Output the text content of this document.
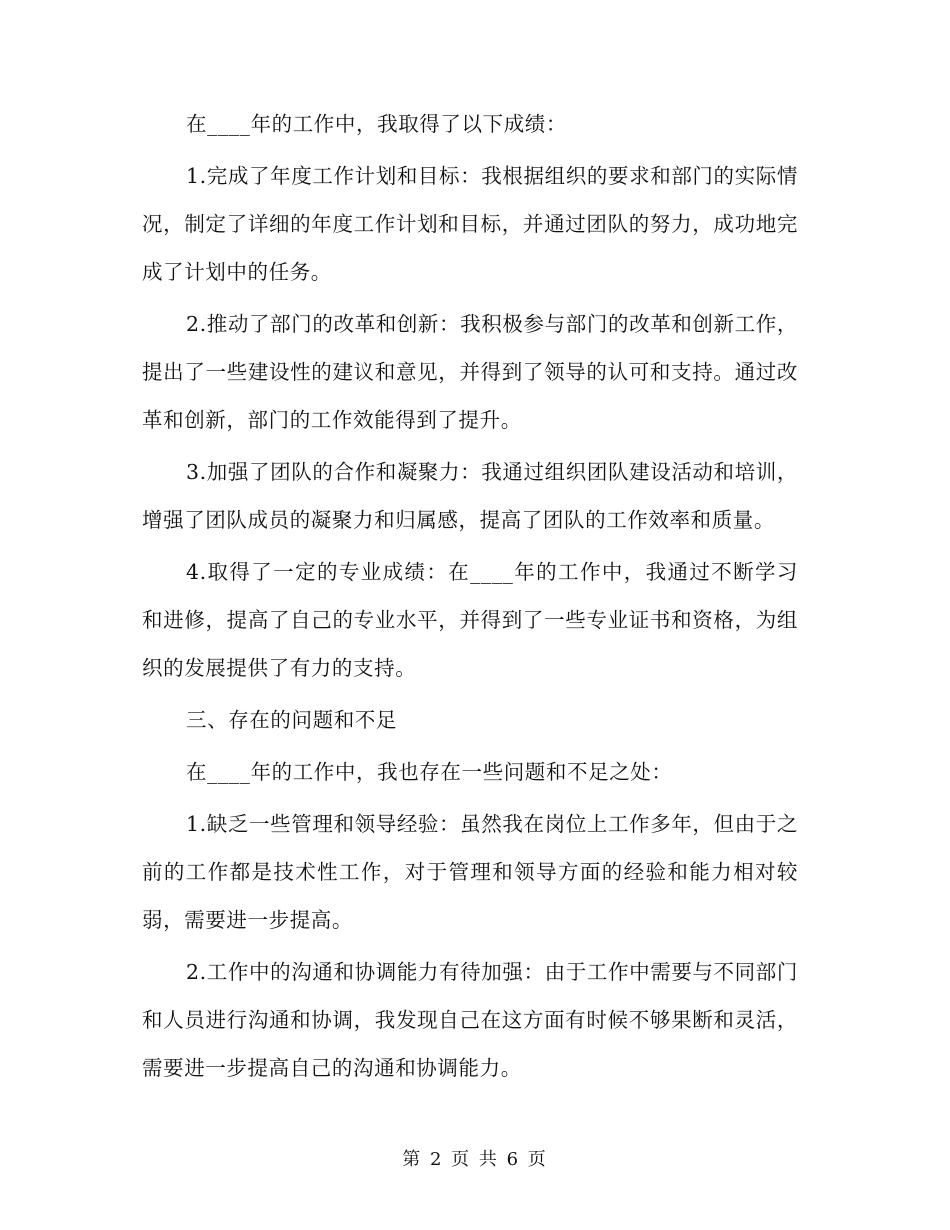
在____年的工作中，我取得了以下成绩：

1.完成了年度工作计划和目标：我根据组织的要求和部门的实际情况，制定了详细的年度工作计划和目标，并通过团队的努力，成功地完成了计划中的任务。

2.推动了部门的改革和创新：我积极参与部门的改革和创新工作，提出了一些建设性的建议和意见，并得到了领导的认可和支持。通过改革和创新，部门的工作效能得到了提升。

3.加强了团队的合作和凝聚力：我通过组织团队建设活动和培训，增强了团队成员的凝聚力和归属感，提高了团队的工作效率和质量。

4.取得了一定的专业成绩：在____年的工作中，我通过不断学习和进修，提高了自己的专业水平，并得到了一些专业证书和资格，为组织的发展提供了有力的支持。

三、存在的问题和不足

在____年的工作中，我也存在一些问题和不足之处：

1.缺乏一些管理和领导经验：虽然我在岗位上工作多年，但由于之前的工作都是技术性工作，对于管理和领导方面的经验和能力相对较弱，需要进一步提高。

2.工作中的沟通和协调能力有待加强：由于工作中需要与不同部门和人员进行沟通和协调，我发现自己在这方面有时候不够果断和灵活，需要进一步提高自己的沟通和协调能力。

第 2 页 共 6 页
